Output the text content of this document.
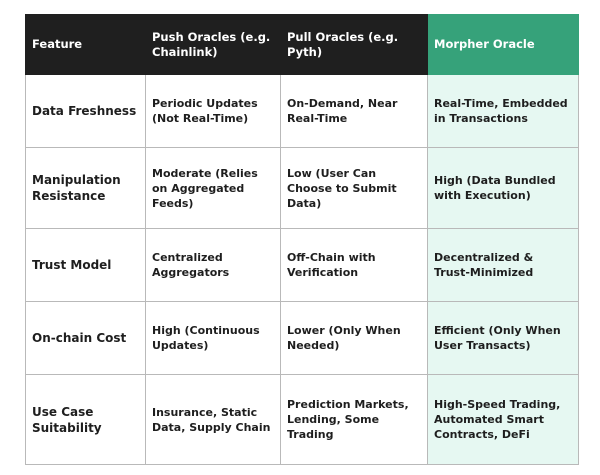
Feature	Push Oracles (e.g. Chainlink)	Pull Oracles (e.g. Pyth)	Morpher Oracle
Data Freshness	Periodic Updates (Not Real-Time)	On-Demand, Near Real-Time	Real-Time, Embedded in Transactions
Manipulation Resistance	Moderate (Relies on Aggregated Feeds)	Low (User Can Choose to Submit Data)	High (Data Bundled with Execution)
Trust Model	Centralized Aggregators	Off-Chain with Verification	Decentralized & Trust-Minimized
On-chain Cost	High (Continuous Updates)	Lower (Only When Needed)	Efficient (Only When User Transacts)
Use Case Suitability	Insurance, Static Data, Supply Chain	Prediction Markets, Lending, Some Trading	High-Speed Trading, Automated Smart Contracts, DeFi
